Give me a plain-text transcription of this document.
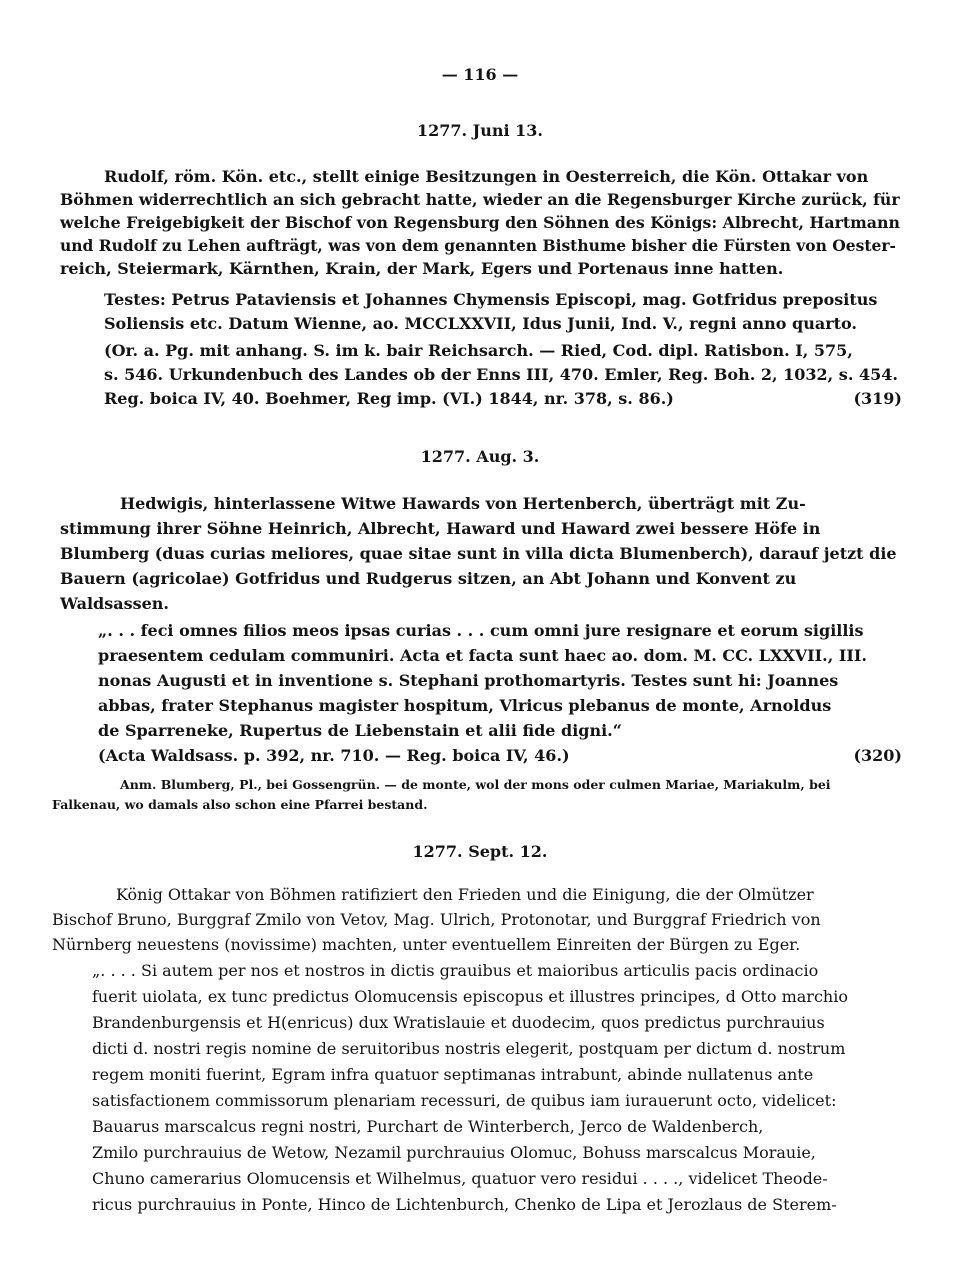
— 116 —
1277. Juni 13.
Rudolf, röm. Kön. etc., stellt einige Besitzungen in Oesterreich, die Kön. Ottakar von
Böhmen widerrechtlich an sich gebracht hatte, wieder an die Regensburger Kirche zurück, für
welche Freigebigkeit der Bischof von Regensburg den Söhnen des Königs: Albrecht, Hartmann
und Rudolf zu Lehen aufträgt, was von dem genannten Bisthume bisher die Fürsten von Oester-
reich, Steiermark, Kärnthen, Krain, der Mark, Egers und Portenaus inne hatten.
Testes: Petrus Pataviensis et Johannes Chymensis Episcopi, mag. Gotfridus prepositus
Soliensis etc. Datum Wienne, ao. MCCLXXVII, Idus Junii, Ind. V., regni anno quarto.
(Or. a. Pg. mit anhang. S. im k. bair Reichsarch. — Ried, Cod. dipl. Ratisbon. I, 575,
s. 546. Urkundenbuch des Landes ob der Enns III, 470. Emler, Reg. Boh. 2, 1032, s. 454.
Reg. boica IV, 40. Boehmer, Reg imp. (VI.) 1844, nr. 378, s. 86.)	(319)
1277. Aug. 3.
Hedwigis, hinterlassene Witwe Hawards von Hertenberch, überträgt mit Zu-
stimmung ihrer Söhne Heinrich, Albrecht, Haward und Haward zwei bessere Höfe in
Blumberg (duas curias meliores, quae sitae sunt in villa dicta Blumenberch), darauf jetzt die
Bauern (agricolae) Gotfridus und Rudgerus sitzen, an Abt Johann und Konvent zu
Waldsassen.
„. . . feci omnes filios meos ipsas curias . . . cum omni jure resignare et eorum sigillis
praesentem cedulam communiri. Acta et facta sunt haec ao. dom. M. CC. LXXVII., III.
nonas Augusti et in inventione s. Stephani prothomartyris. Testes sunt hi: Joannes
abbas, frater Stephanus magister hospitum, Vlricus plebanus de monte, Arnoldus
de Sparreneke, Rupertus de Liebenstain et alii fide digni.“
(Acta Waldsass. p. 392, nr. 710. — Reg. boica IV, 46.)	(320)
Anm. Blumberg, Pl., bei Gossengrün. — de monte, wol der mons oder culmen Mariae, Mariakulm, bei
Falkenau, wo damals also schon eine Pfarrei bestand.
1277. Sept. 12.
König Ottakar von Böhmen ratifiziert den Frieden und die Einigung, die der Olmützer
Bischof Bruno, Burggraf Zmilo von Vetov, Mag. Ulrich, Protonotar, und Burggraf Friedrich von
Nürnberg neuestens (novissime) machten, unter eventuellem Einreiten der Bürgen zu Eger.
„. . . . Si autem per nos et nostros in dictis grauibus et maioribus articulis pacis ordinacio
fuerit uiolata, ex tunc predictus Olomucensis episcopus et illustres principes, d Otto marchio
Brandenburgensis et H(enricus) dux Wratislauie et duodecim, quos predictus purchrauius
dicti d. nostri regis nomine de seruitoribus nostris elegerit, postquam per dictum d. nostrum
regem moniti fuerint, Egram infra quatuor septimanas intrabunt, abinde nullatenus ante
satisfactionem commissorum plenariam recessuri, de quibus iam iurauerunt octo, videlicet:
Bauarus marscalcus regni nostri, Purchart de Winterberch, Jerco de Waldenberch,
Zmilo purchrauius de Wetow, Nezamil purchrauius Olomuc, Bohuss marscalcus Morauie,
Chuno camerarius Olomucensis et Wilhelmus, quatuor vero residui . . . ., videlicet Theode-
ricus purchrauius in Ponte, Hinco de Lichtenburch, Chenko de Lipa et Jerozlaus de Sterem-
